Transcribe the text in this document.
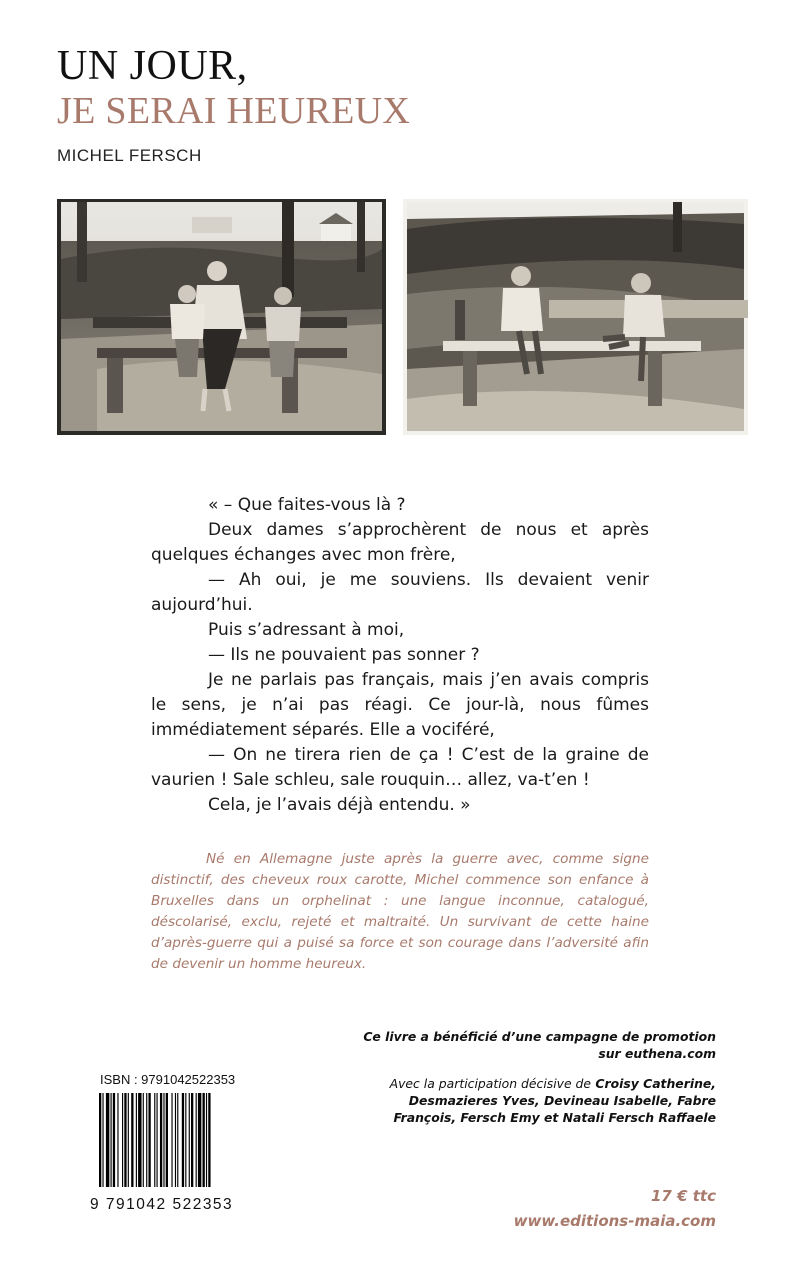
UN JOUR,
JE SERAI HEUREUX
MICHEL FERSCH

« – Que faites-vous là ?

Deux dames s’approchèrent de nous et après quelques échanges avec mon frère,

— Ah oui, je me souviens. Ils devaient venir aujourd’hui.

Puis s’adressant à moi,

— Ils ne pouvaient pas sonner ?

Je ne parlais pas français, mais j’en avais compris le sens, je n’ai pas réagi. Ce jour-là, nous fûmes immédiatement séparés. Elle a vociféré,

— On ne tirera rien de ça ! C’est de la graine de vaurien ! Sale schleu, sale rouquin… allez, va-t’en !

Cela, je l’avais déjà entendu. »

Né en Allemagne juste après la guerre avec, comme signe distinctif, des cheveux roux carotte, Michel commence son enfance à Bruxelles dans un orphelinat : une langue inconnue, catalogué, déscolarisé, exclu, rejeté et maltraité. Un survivant de cette haine d’après-guerre qui a puisé sa force et son courage dans l’adversité afin de devenir un homme heureux.
Ce livre a bénéficié d’une campagne de promotion
sur euthena.com
Avec la participation décisive de Croisy Catherine, Desmazieres Yves, Devineau Isabelle, Fabre François, Fersch Emy et Natali Fersch Raffaele
ISBN : 9791042522353
9 791042 522353	17 € ttc
www.editions-maia.com
